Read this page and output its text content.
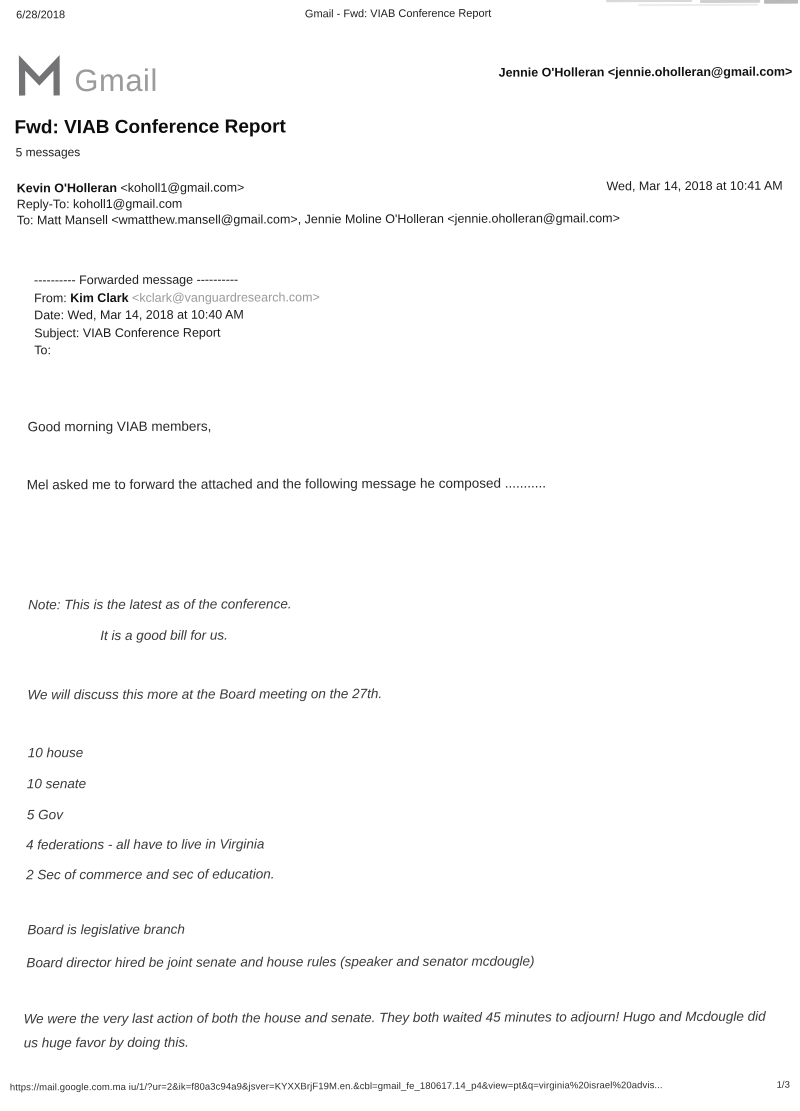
6/28/2018	Gmail - Fwd: VIAB Conference Report
Gmail	Jennie O'Holleran <jennie.oholleran@gmail.com>
Fwd: VIAB Conference Report
5 messages
Kevin O'Holleran <koholl1@gmail.com>	Wed, Mar 14, 2018 at 10:41 AM
Reply-To: koholl1@gmail.com
To: Matt Mansell <wmatthew.mansell@gmail.com>, Jennie Moline O'Holleran <jennie.oholleran@gmail.com>
---------- Forwarded message ----------
From: Kim Clark <kclark@vanguardresearch.com>
Date: Wed, Mar 14, 2018 at 10:40 AM
Subject: VIAB Conference Report
To:
Good morning VIAB members,
Mel asked me to forward the attached and the following message he composed ...........
Note: This is the latest as of the conference.
It is a good bill for us.
We will discuss this more at the Board meeting on the 27th.
10 house
10 senate
5 Gov
4 federations - all have to live in Virginia
2 Sec of commerce and sec of education.
Board is legislative branch
Board director hired be joint senate and house rules (speaker and senator mcdougle)
We were the very last action of both the house and senate. They both waited 45 minutes to adjourn! Hugo and Mcdougle did us huge favor by doing this.
https://mail.google.com.ma iu/1/?ur=2&ik=f80a3c94a9&jsver=KYXXBrjF19M.en.&cbl=gmail_fe_180617.14_p4&view=pt&q=virginia%20israel%20advis...	1/3
